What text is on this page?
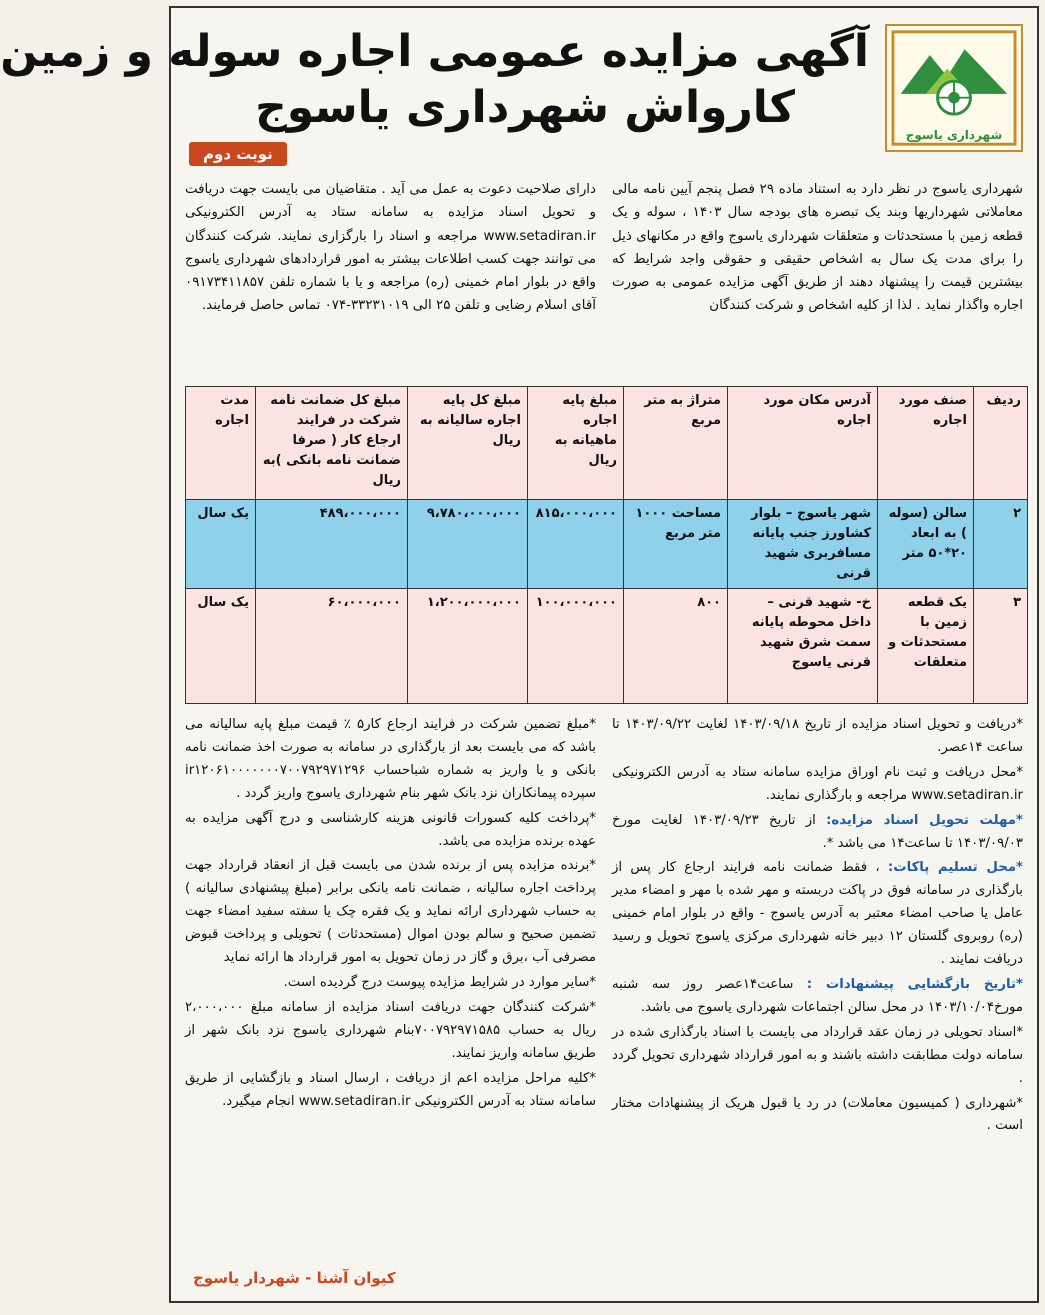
شهرداری یاسوج
آگهی مزایده عمومی اجاره سوله و زمین
کارواش شهرداری یاسوج
نوبت دوم
شهرداری یاسوج در نظر دارد به استناد ماده ۲۹ فصل پنجم آیین نامه مالی معاملاتی شهرداریها وبند یک تبصره های بودجه سال ۱۴۰۳ ، سوله و یک قطعه زمین با مستحدثات و متعلقات شهرداری یاسوج واقع در مکانهای ذیل را برای مدت یک سال به اشخاص حقیقی و حقوقی واجد شرایط که بیشترین قیمت را پیشنهاد دهند از طریق آگهی مزایده عمومی به صورت اجاره واگذار نماید . لذا از کلیه اشخاص و شرکت کنندگان
دارای صلاحیت دعوت به عمل می آید . متقاضیان می بایست جهت دریافت و تحویل اسناد مزایده به سامانه ستاد به آدرس الکترونیکی www.setadiran.ir مراجعه و اسناد را بارگزاری نمایند. شرکت کنندگان می توانند جهت کسب اطلاعات بیشتر به امور قراردادهای شهرداری یاسوج واقع در بلوار امام خمینی (ره) مراجعه و یا با شماره تلفن ۰۹۱۷۳۴۱۱۸۵۷ آقای اسلام رضایی و تلفن ۲۵ الی ۳۳۲۳۱۰۱۹-۰۷۴ تماس حاصل فرمایند.
ردیف	صنف مورد اجاره	آدرس مکان مورد اجاره	متراژ به متر مربع	مبلغ پایه اجاره ماهیانه به ریال	مبلغ کل پایه اجاره سالیانه به ریال	مبلغ کل ضمانت نامه شرکت در فرایند ارجاع کار ( صرفا ضمانت نامه بانکی )به ریال	مدت اجاره
۲	سالن (سوله ) به ابعاد ۲۰*۵۰ متر	شهر یاسوج – بلوار کشاورز جنب پایانه مسافربری شهید قرنی	مساحت ۱۰۰۰ متر مربع	۸۱۵،۰۰۰،۰۰۰	۹،۷۸۰،۰۰۰،۰۰۰	۴۸۹،۰۰۰،۰۰۰	یک سال
۳	یک قطعه زمین با مستحدثات و متعلقات	خ- شهید قرنی – داخل محوطه پایانه سمت شرق شهید قرنی یاسوج	۸۰۰	۱۰۰،۰۰۰،۰۰۰	۱،۲۰۰،۰۰۰،۰۰۰	۶۰،۰۰۰،۰۰۰	یک سال

*دریافت و تحویل اسناد مزایده از تاریخ ۱۴۰۳/۰۹/۱۸ لغایت ۱۴۰۳/۰۹/۲۲ تا ساعت ۱۴عصر.

*محل دریافت و ثبت نام اوراق مزایده سامانه ستاد به آدرس الکترونیکی www.setadiran.ir مراجعه و بارگذاری نمایند.

*مهلت تحویل اسناد مزایده: از تاریخ ۱۴۰۳/۰۹/۲۳ لغایت مورخ ۱۴۰۳/۰۹/۰۳ تا ساعت۱۴ می باشد *.

*محل تسلیم پاکات: ، فقط ضمانت نامه فرایند ارجاع کار پس از بارگذاری در سامانه فوق در پاکت دربسته و مهر شده با مهر و امضاء مدیر عامل یا صاحب امضاء معتبر به آدرس یاسوج - واقع در بلوار امام خمینی (ره) روبروی گلستان ۱۲ دبیر خانه شهرداری مرکزی یاسوج تحویل و رسید دریافت نمایند .

*تاریخ بازگشایی پیشنهادات : ساعت۱۴عصر روز سه شنبه مورخ۱۴۰۳/۱۰/۰۴ در محل سالن اجتماعات شهرداری یاسوج می باشد.

*اسناد تحویلی در زمان عقد قرارداد می بایست با اسناد بارگذاری شده در سامانه دولت مطابقت داشته باشند و به امور قرارداد شهرداری تحویل گردد .

*شهرداری ( کمیسیون معاملات) در رد یا قبول هریک از پیشنهادات مختار است .

*مبلغ تضمین شرکت در فرایند ارجاع کار۵ ٪ قیمت مبلغ پایه سالیانه می باشد که می بایست بعد از بارگذاری در سامانه به صورت اخذ ضمانت نامه بانکی و یا واریز به شماره شباحساب ir۱۲۰۶۱۰۰۰۰۰۰۰۷۰۰۷۹۲۹۷۱۲۹۶ سپرده پیمانکاران نزد بانک شهر بنام شهرداری یاسوج واریز گردد .

*پرداخت کلیه کسورات قانونی هزینه کارشناسی و درج آگهی مزایده به عهده برنده مزایده می باشد.

*برنده مزایده پس از برنده شدن می بایست قبل از انعقاد قرارداد جهت پرداخت اجاره سالیانه ، ضمانت نامه بانکی برابر (مبلغ پیشنهادی سالیانه ) به حساب شهرداری ارائه نماید و یک فقره چک یا سفته سفید امضاء جهت تضمین صحیح و سالم بودن اموال (مستحدثات ) تحویلی و پرداخت قبوض مصرفی آب ،برق و گاز در زمان تحویل به امور قرارداد ها ارائه نماید

*سایر موارد در شرایط مزایده پیوست درج گردیده است.

*شرکت کنندگان جهت دریافت اسناد مزایده از سامانه مبلغ ۲،۰۰۰،۰۰۰ ریال به حساب ۷۰۰۷۹۲۹۷۱۵۸۵بنام شهرداری یاسوج نزد بانک شهر از طریق سامانه واریز نمایند.

*کلیه مراحل مزایده اعم از دریافت ، ارسال اسناد و بازگشایی از طریق سامانه ستاد به آدرس الکترونیکی www.setadiran.ir انجام میگیرد.

کیوان آشنا - شهردار یاسوج
